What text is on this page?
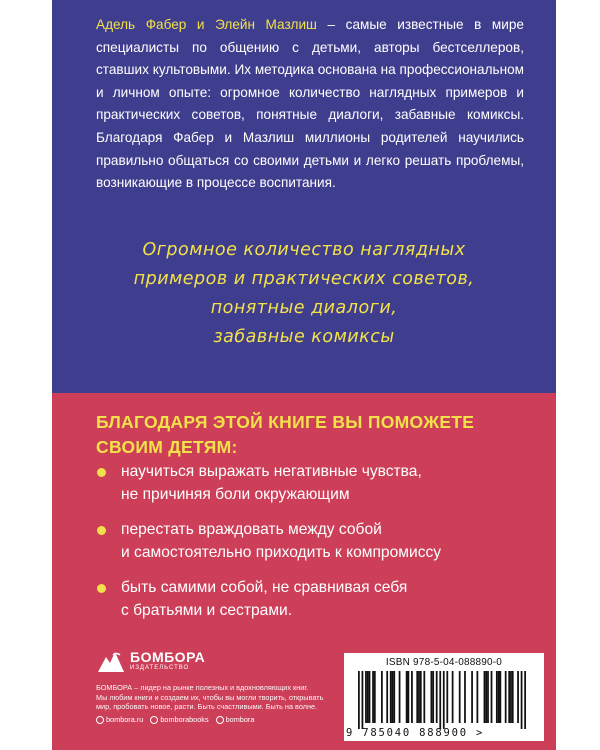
Адель Фабер и Элейн Мазлиш – самые известные в мире специалисты по общению с детьми, авторы бестселлеров, ставших культовыми. Их методика основана на профессиональном и личном опыте: огромное количество наглядных примеров и практических советов, понятные диалоги, забавные комиксы. Благодаря Фабер и Мазлиш миллионы родителей научились правильно общаться со своими детьми и легко решать проблемы, возникающие в процессе воспитания.

Огромное количество наглядных
примеров и практических советов,
понятные диалоги,
забавные комиксы

БЛАГОДАРЯ ЭТОЙ КНИГЕ ВЫ ПОМОЖЕТЕ
СВОИМ ДЕТЯМ:

научиться выражать негативные чувства,
не причиняя боли окружающим
перестать враждовать между собой
и самостоятельно приходить к компромиссу
быть самими собой, не сравнивая себя
с братьями и сестрами.
БОМБОРА
ИЗДАТЕЛЬСТВО

БОМБОРА – лидер на рынке полезных и вдохновляющих книг.
Мы любим книги и создаем их, чтобы вы могли творить, открывать
мир, пробовать новое, расти. Быть счастливыми. Быть на волне.

bombora.ru bomborabooks bombora
ISBN 978-5-04-088890-0
9 785040 888900 >
